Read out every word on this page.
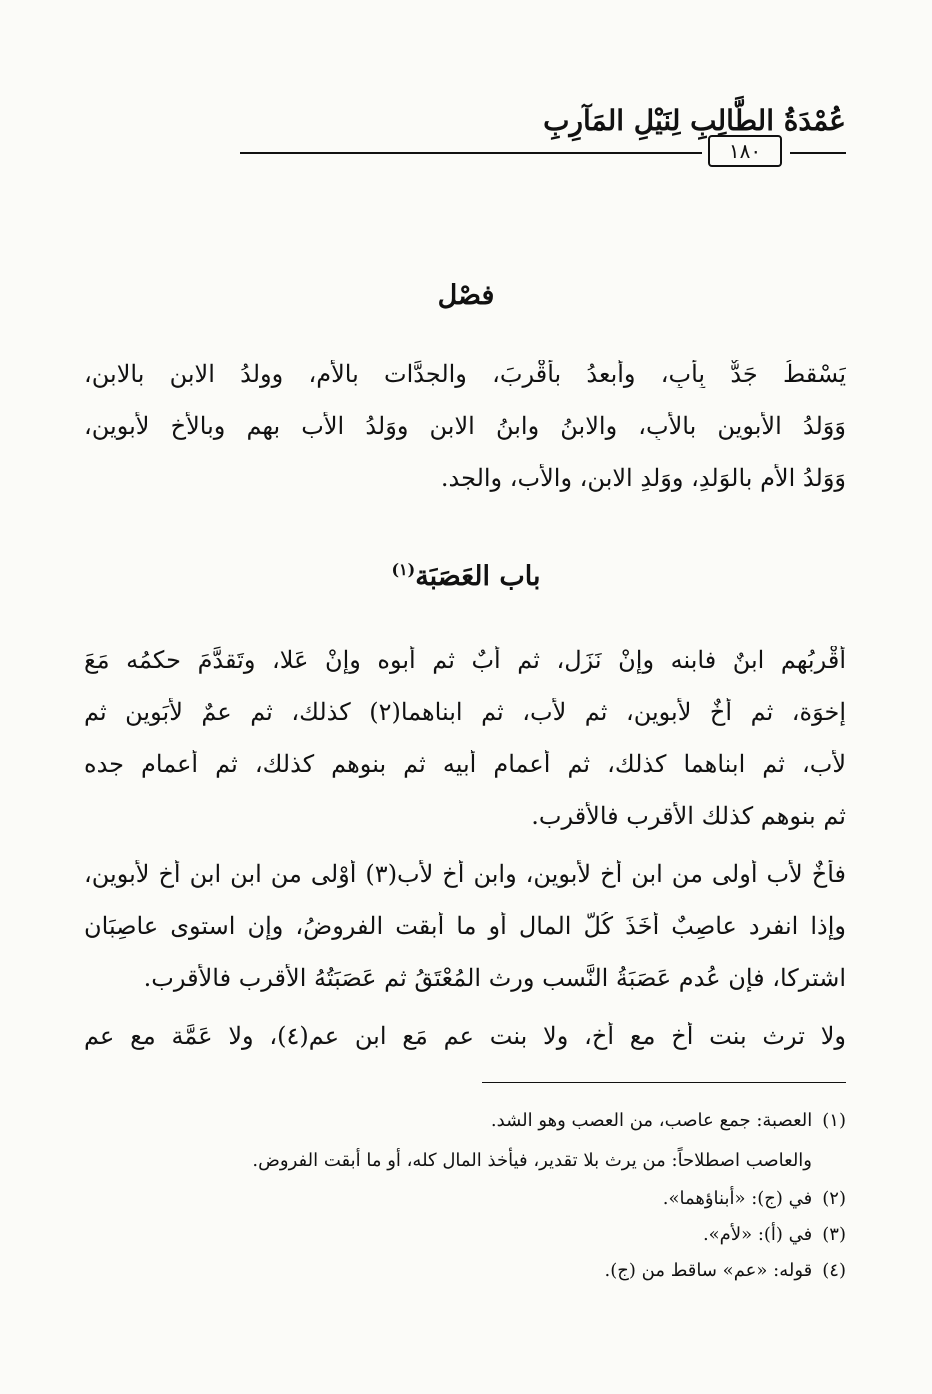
عُمْدَةُ الطَّالِبِ لِنَيْلِ المَآرِبِ
١٨٠
فصْل
يَسْقطُ جَدٌّ بِأَبٍ، وأَبعدُ بأَقْربَ، والجدَّات بالأُم، وولدُ الابنِ بالابنِ،
وَوَلدُ الأَبوينِ بالأَبِ، والابنُ وابنُ الابنِ ووَلدُ الأَب بهم وبالأخِ لأبوين،
وَوَلدُ الأُم بالوَلدِ، ووَلدِ الابن، والأب، والجد.
باب العَصَبَة$^{(١)}$
أَقْربُهم ابنٌ فابنه وإنْ نَزَل، ثم أبٌ ثم أبوه وإنْ عَلا، وتَقدَّمَ حكمُه مَعَ
إخوَة، ثم أَخٌ لأبوين، ثم لأب، ثم ابناهما(٢) كذلك، ثم عمٌ لأبَوين ثم
لأب، ثم ابناهما كذلك، ثم أعمام أبيه ثم بنوهم كذلك، ثم أعمام جده
ثم بنوهم كذلك الأقرب فالأقرب.
فأخٌ لأب أولى من ابن أخ لأبوين، وابن أخ لأب(٣) أَوْلى من ابن ابن أخ لأبوين،
وإذا انفرد عاصِبٌ أَخَذَ كُلَّ المال أو ما أبقت الفروضُ، وإن استوى عاصِبَان
اشتركا، فإن عُدم عَصَبَةُ النَّسب ورث المُعْتَقُ ثم عَصَبَتُهُ الأقرب فالأقرب.
ولا ترث بنت أخ مع أخ، ولا بنت عم مَع ابن عم(٤)، ولا عَمَّة مع عم
(١)العصبة: جمع عاصب، من العصب وهو الشد.
والعاصب اصطلاحاً: من يرث بلا تقدير، فيأخذ المال كله، أو ما أبقت الفروض.
(٢)في (ج): «أبناؤهما».
(٣)في (أ): «لأم».
(٤)قوله: «عم» ساقط من (ج).
